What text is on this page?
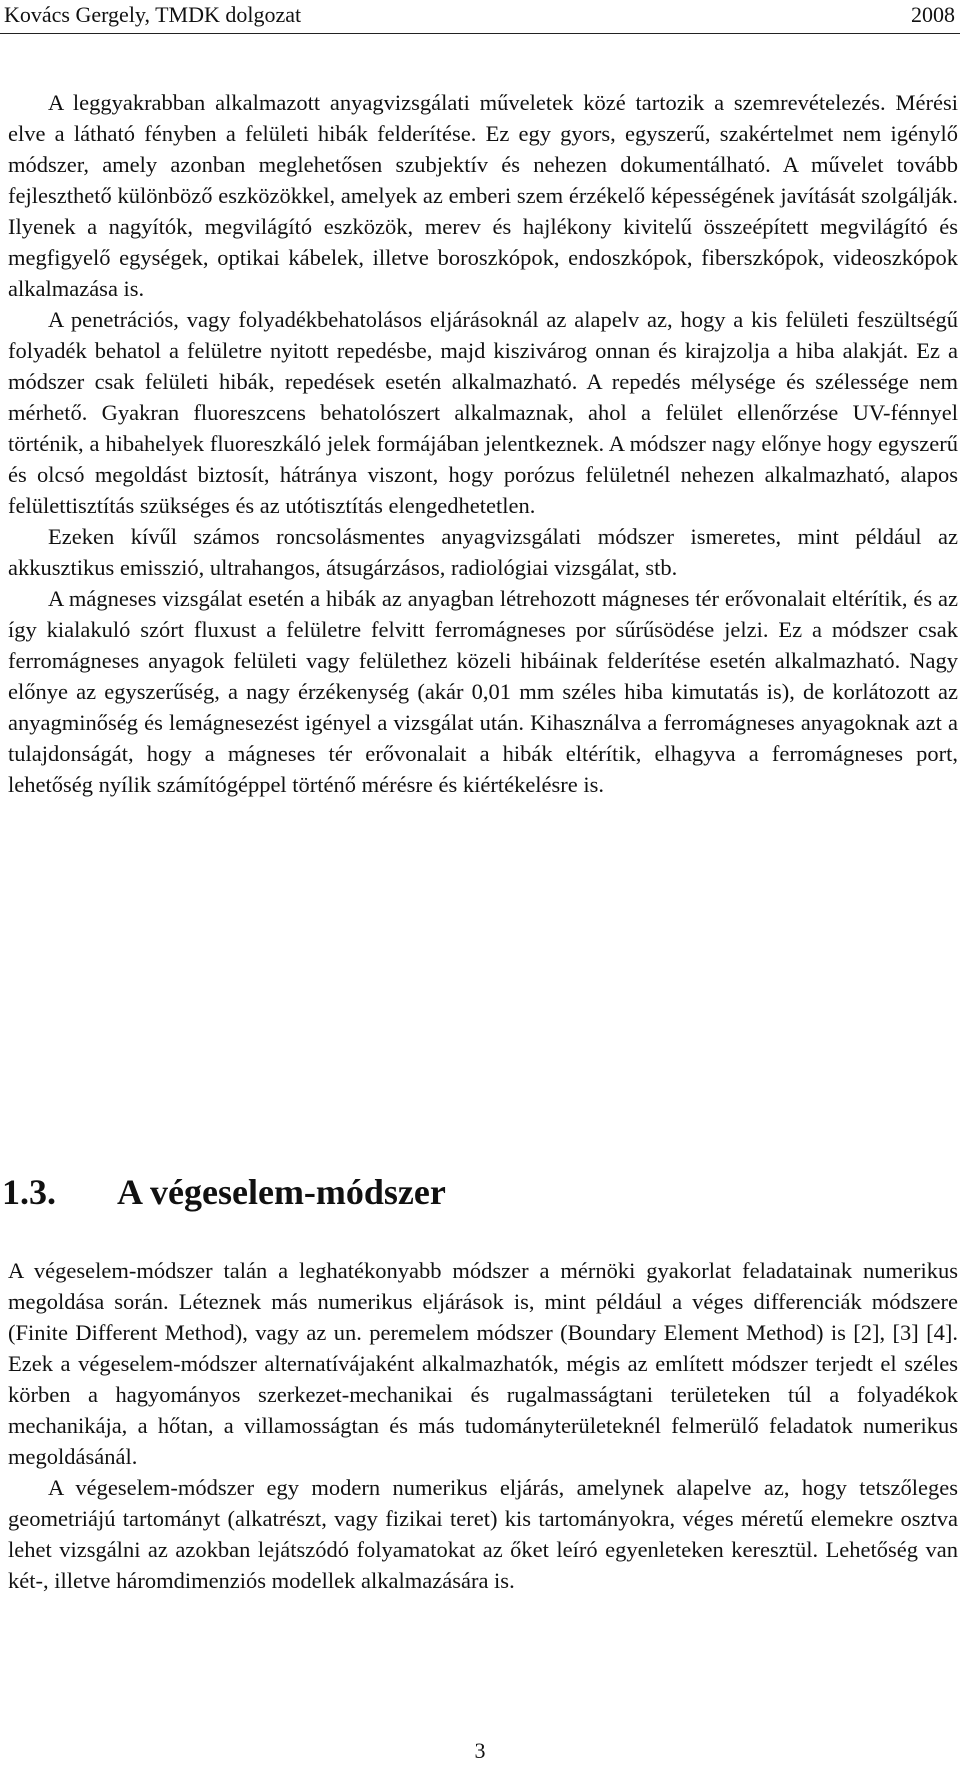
Kovács Gergely, TMDK dolgozat	2008

A leggyakrabban alkalmazott anyagvizsgálati műveletek közé tartozik a szemrevételezés. Mérési elve a látható fényben a felületi hibák felderítése. Ez egy gyors, egyszerű, szakértelmet nem igénylő módszer, amely azonban meglehetősen szubjektív és nehezen dokumentálható. A művelet tovább fejleszthető különböző eszközökkel, amelyek az emberi szem érzékelő képességének javítását szolgálják. Ilyenek a nagyítók, megvilágító eszközök, merev és hajlékony kivitelű összeépített megvilágító és megfigyelő egységek, optikai kábelek, illetve boroszkópok, endoszkópok, fiberszkópok, videoszkópok alkalmazása is.

A penetrációs, vagy folyadékbehatolásos eljárásoknál az alapelv az, hogy a kis felületi feszültségű folyadék behatol a felületre nyitott repedésbe, majd kiszivárog onnan és kirajzolja a hiba alakját. Ez a módszer csak felületi hibák, repedések esetén alkalmazható. A repedés mélysége és szélessége nem mérhető. Gyakran fluoreszcens behatolószert alkalmaznak, ahol a felület ellenőrzése UV-fénnyel történik, a hibahelyek fluoreszkáló jelek formájában jelentkeznek. A módszer nagy előnye hogy egyszerű és olcsó megoldást biztosít, hátránya viszont, hogy porózus felületnél nehezen alkalmazható, alapos felülettisztítás szükséges és az utótisztítás elengedhetetlen.

Ezeken kívűl számos roncsolásmentes anyagvizsgálati módszer ismeretes, mint például az akkusztikus emisszió, ultrahangos, átsugárzásos, radiológiai vizsgálat, stb.

A mágneses vizsgálat esetén a hibák az anyagban létrehozott mágneses tér erővonalait eltérítik, és az így kialakuló szórt fluxust a felületre felvitt ferromágneses por sűrűsödése jelzi. Ez a módszer csak ferromágneses anyagok felületi vagy felülethez közeli hibáinak felderítése esetén alkalmazható. Nagy előnye az egyszerűség, a nagy érzékenység (akár 0,01 mm széles hiba kimutatás is), de korlátozott az anyagminőség és lemágnesezést igényel a vizsgálat után. Kihasználva a ferromágneses anyagoknak azt a tulajdonságát, hogy a mágneses tér erővonalait a hibák eltérítik, elhagyva a ferromágneses port, lehetőség nyílik számítógéppel történő mérésre és kiértékelésre is.

1.3. A végeselem-módszer

A végeselem-módszer talán a leghatékonyabb módszer a mérnöki gyakorlat feladatainak numerikus megoldása során. Léteznek más numerikus eljárások is, mint például a véges differenciák módszere (Finite Different Method), vagy az un. peremelem módszer (Boundary Element Method) is [2], [3] [4]. Ezek a végeselem-módszer alternatívájaként alkalmazhatók, mégis az említett módszer terjedt el széles körben a hagyományos szerkezet-mechanikai és rugalmasságtani területeken túl a folyadékok mechanikája, a hőtan, a villamosságtan és más tudományterületeknél felmerülő feladatok numerikus megoldásánál.

A végeselem-módszer egy modern numerikus eljárás, amelynek alapelve az, hogy tetszőleges geometriájú tartományt (alkatrészt, vagy fizikai teret) kis tartományokra, véges méretű elemekre osztva lehet vizsgálni az azokban lejátszódó folyamatokat az őket leíró egyenleteken keresztül. Lehetőség van két-, illetve háromdimenziós modellek alkalmazására is.

3
